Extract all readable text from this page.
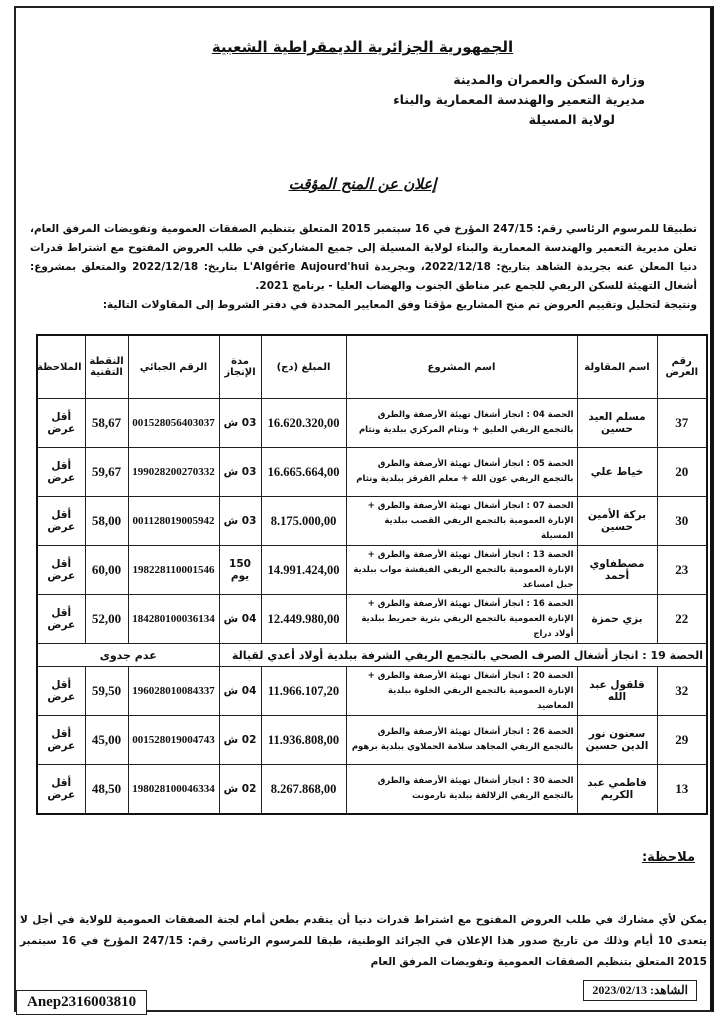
الجمهورية الجزائرية الديمقراطية الشعبية
وزارة السكن والعمران والمدينة
مديرية التعمير والهندسة المعمارية والبناء
لولاية المسيلة
إعلان عن المنح المؤقت
تطبيقا للمرسوم الرئاسي رقم: 247/15 المؤرخ في 16 سبتمبر 2015 المتعلق بتنظيم الصفقات العمومية وتفويضات المرفق العام، تعلن مديرية التعمير والهندسة المعمارية والبناء لولاية المسيلة إلى جميع المشاركين في طلب العروض المفتوح مع اشتراط قدرات دنيا المعلن عنه بجريدة الشاهد بتاريخ: 2022/12/18، وبجريدة L'Algérie Aujourd'hui بتاريخ: 2022/12/18 والمتعلق بمشروع: أشغال التهيئة للسكن الريفي للجمع عبر مناطق الجنوب والهضاب العليا - برنامج 2021.
ونتيجة لتحليل وتقييم العروض تم منح المشاريع مؤقتا وفق المعايير المحددة في دفتر الشروط إلى المقاولات التالية:
رقم العرض	اسم المقاولة	اسم المشروع	المبلغ (دج)	مدة الإنجاز	الرقم الجبائي	النقطة التقنية	الملاحظة
37	مسلم العيد حسين	الحصة 04 : انجاز أشغال تهيئة الأرصفة والطرق بالتجمع الريفي العليق + ونثام المركزي ببلدية ونثام	16.620.320,00	03 ش	001528056403037	58,67	أقل عرض
20	خياط علي	الحصة 05 : انجاز أشغال تهيئة الأرصفة والطرق بالتجمع الريفي عون الله + معلم القرقز ببلدية ونثام	16.665.664,00	03 ش	199028200270332	59,67	أقل عرض
30	بركة الأمين حسين	الحصة 07 : انجاز أشغال تهيئة الأرصفة والطرق + الإنارة العمومية بالتجمع الريفي القصب ببلدية المسيلة	8.175.000,00	03 ش	001128019005942	58,00	أقل عرض
23	مصطفاوي أحمد	الحصة 13 : انجاز أشغال تهيئة الأرصفة والطرق + الإنارة العمومية بالتجمع الريفي الفيفشة مواب ببلدية جبل امساعد	14.991.424,00	150 يوم	198228110001546	60,00	أقل عرض
22	بزي حمزة	الحصة 16 : انجاز أشغال تهيئة الأرصفة والطرق + الإنارة العمومية بالتجمع الريفي بثرية حمريط ببلدية أولاد دراج	12.449.980,00	04 ش	184280100036134	52,00	أقل عرض
الحصة 19 : انجاز أشغال الصرف الصحي بالتجمع الريفي الشرفة ببلدية أولاد أعدي لقبالة					عدم جدوى		
32	قلقول عبد الله	الحصة 20 : انجاز أشغال تهيئة الأرصفة والطرق + الإنارة العمومية بالتجمع الريفي الخلوة ببلدية المعاضيد	11.966.107,20	04 ش	196028010084337	59,50	أقل عرض
29	سعنون نور الدين حسين	الحصة 26 : انجاز أشغال تهيئة الأرصفة والطرق بالتجمع الريفي المجاهد سلامة الحملاوي ببلدية برهوم	11.936.808,00	02 ش	001528019004743	45,00	أقل عرض
13	فاطمي عبد الكريم	الحصة 30 : انجاز أشغال تهيئة الأرصفة والطرق بالتجمع الريفي الزلالفة ببلدية تارمونت	8.267.868,00	02 ش	198028100046334	48,50	أقل عرض
ملاحظة:
يمكن لأي مشارك في طلب العروض المفتوح مع اشتراط قدرات دنيا أن يتقدم بطعن أمام لجنة الصفقات العمومية للولاية في أجل لا يتعدى 10 أيام وذلك من تاريخ صدور هذا الإعلان في الجرائد الوطنية، طبقا للمرسوم الرئاسي رقم: 247/15 المؤرخ في 16 سبتمبر 2015 المتعلق بتنظيم الصفقات العمومية وتفويضات المرفق العام
الشاهد: 2023/02/13
Anep2316003810
